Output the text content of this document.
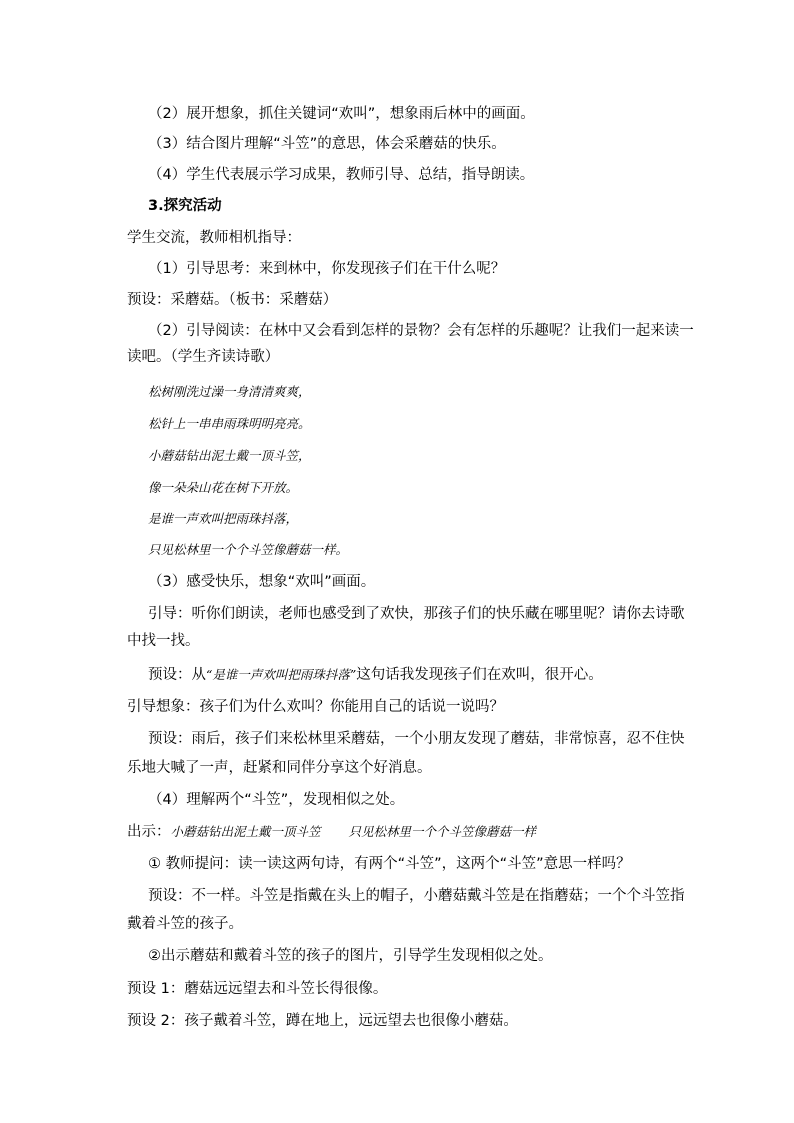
（2）展开想象，抓住关键词“欢叫”，想象雨后林中的画面。
（3）结合图片理解“斗笠”的意思，体会采蘑菇的快乐。
（4）学生代表展示学习成果，教师引导、总结，指导朗读。
3.探究活动
学生交流，教师相机指导：
（1）引导思考：来到林中，你发现孩子们在干什么呢？
预设：采蘑菇。（板书：采蘑菇）
（2）引导阅读：在林中又会看到怎样的景物？会有怎样的乐趣呢？让我们一起来读一
读吧。（学生齐读诗歌）
松树刚洗过澡一身清清爽爽，
松针上一串串雨珠明明亮亮。
小蘑菇钻出泥土戴一顶斗笠，
像一朵朵山花在树下开放。
是谁一声欢叫把雨珠抖落，
只见松林里一个个斗笠像蘑菇一样。
（3）感受快乐，想象“欢叫”画面。
引导：听你们朗读，老师也感受到了欢快，那孩子们的快乐藏在哪里呢？请你去诗歌
中找一找。
预设：从“是谁一声欢叫把雨珠抖落”这句话我发现孩子们在欢叫，很开心。
引导想象：孩子们为什么欢叫？你能用自己的话说一说吗？
预设：雨后，孩子们来松林里采蘑菇，一个小朋友发现了蘑菇，非常惊喜，忍不住快
乐地大喊了一声，赶紧和同伴分享这个好消息。
（4）理解两个“斗笠”，发现相似之处。
出示：小蘑菇钻出泥土戴一顶斗笠 只见松林里一个个斗笠像蘑菇一样
① 教师提问：读一读这两句诗，有两个“斗笠”，这两个“斗笠”意思一样吗？
预设：不一样。斗笠是指戴在头上的帽子，小蘑菇戴斗笠是在指蘑菇；一个个斗笠指
戴着斗笠的孩子。
②出示蘑菇和戴着斗笠的孩子的图片，引导学生发现相似之处。
预设 1：蘑菇远远望去和斗笠长得很像。
预设 2：孩子戴着斗笠，蹲在地上，远远望去也很像小蘑菇。
